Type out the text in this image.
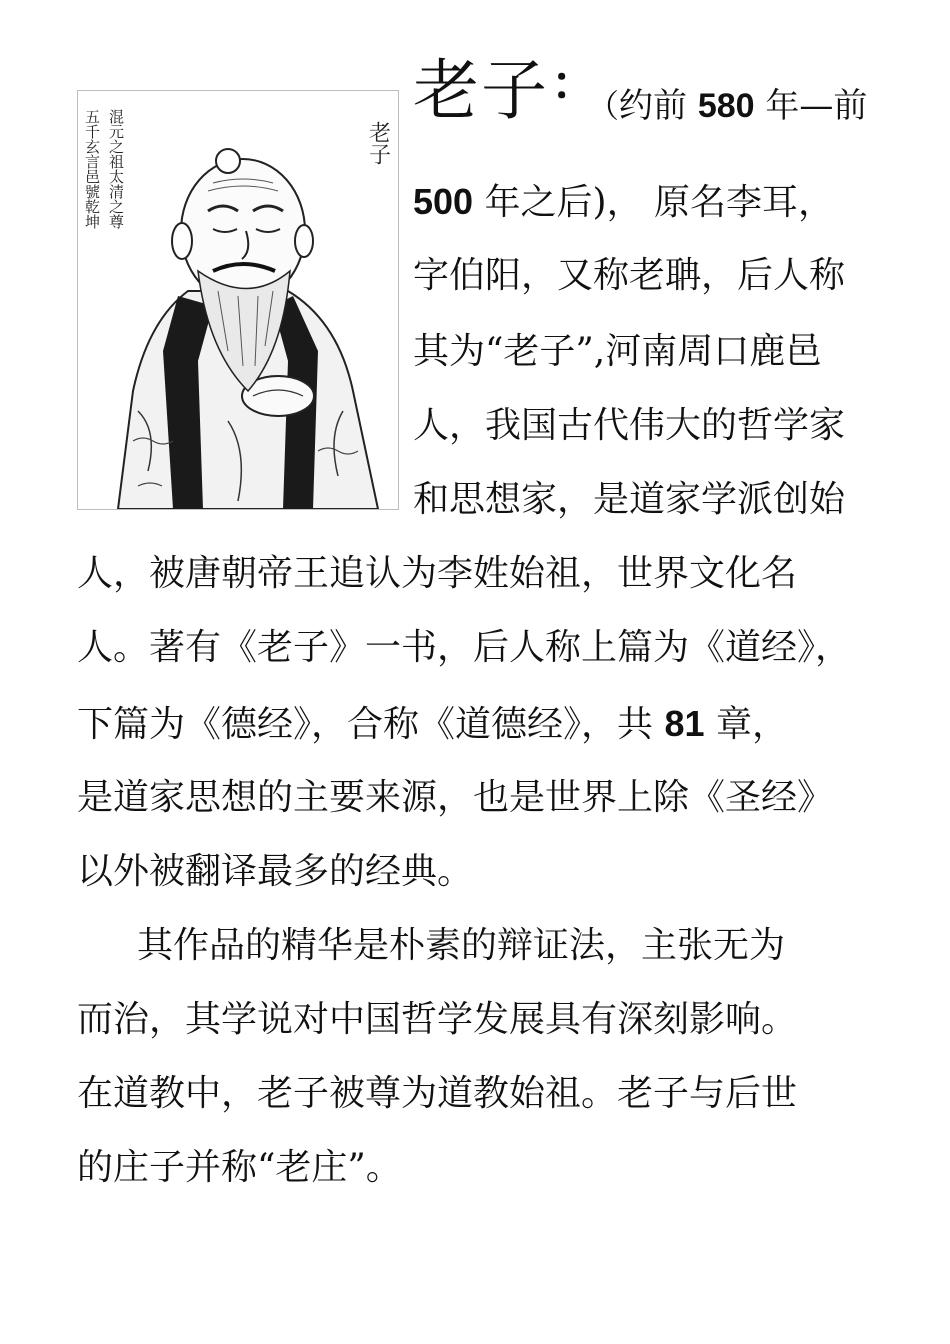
老子
混元之祖太清之尊
五千玄言邑號乾坤
老子： （约前 580 年—前
500 年之后)， 原名李耳，
字伯阳，又称老聃，后人称
其为“老子”,河南周口鹿邑
人，我国古代伟大的哲学家
和思想家，是道家学派创始
人，被唐朝帝王追认为李姓始祖，世界文化名
人。著有《老子》一书，后人称上篇为《道经》，
下篇为《德经》，合称《道德经》，共 81 章，
是道家思想的主要来源，也是世界上除《圣经》
以外被翻译最多的经典。
其作品的精华是朴素的辩证法，主张无为
而治，其学说对中国哲学发展具有深刻影响。
在道教中，老子被尊为道教始祖。老子与后世
的庄子并称“老庄”。
